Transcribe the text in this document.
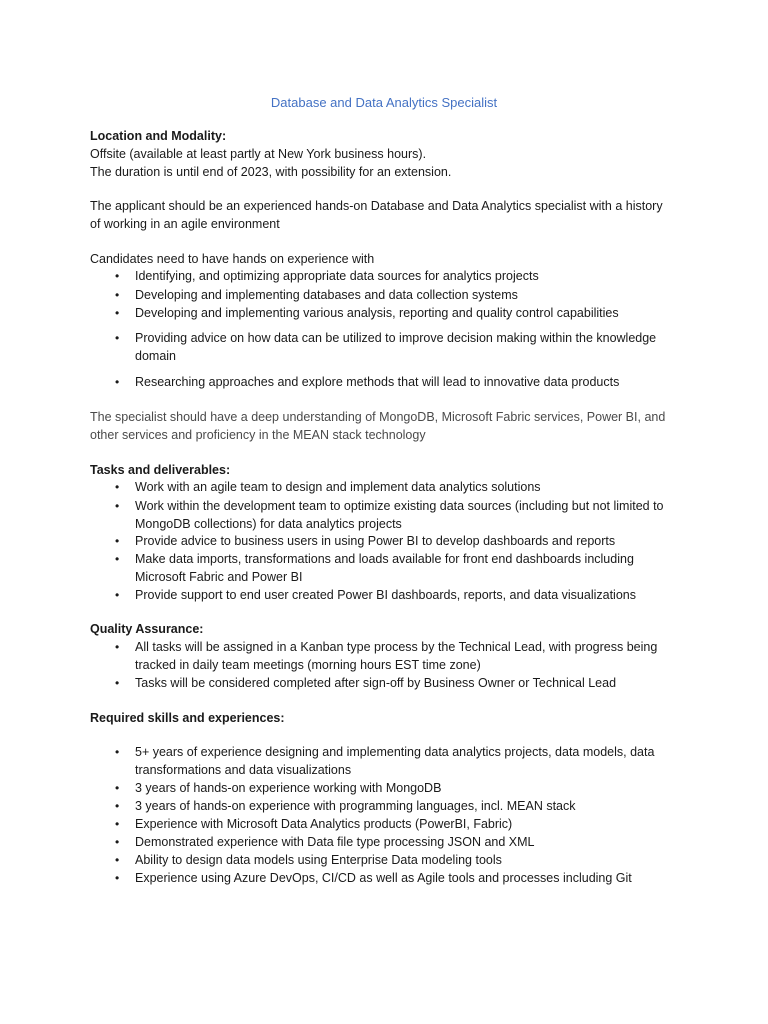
Database and Data Analytics Specialist
Location and Modality:
Offsite (available at least partly at New York business hours).
The duration is until end of 2023, with possibility for an extension.
The applicant should be an experienced hands-on Database and Data Analytics specialist with a history
of working in an agile environment
Candidates need to have hands on experience with
•	Identifying, and optimizing appropriate data sources for analytics projects
•	Developing and implementing databases and data collection systems
•	Developing and implementing various analysis, reporting and quality control capabilities
•	Providing advice on how data can be utilized to improve decision making within the knowledge domain
•	Researching approaches and explore methods that will lead to innovative data products
The specialist should have a deep understanding of MongoDB, Microsoft Fabric services, Power BI, and
other services and proficiency in the MEAN stack technology
Tasks and deliverables:
•	Work with an agile team to design and implement data analytics solutions
•	Work within the development team to optimize existing data sources (including but not limited to MongoDB collections) for data analytics projects
•	Provide advice to business users in using Power BI to develop dashboards and reports
•	Make data imports, transformations and loads available for front end dashboards including Microsoft Fabric and Power BI
•	Provide support to end user created Power BI dashboards, reports, and data visualizations
Quality Assurance:
•	All tasks will be assigned in a Kanban type process by the Technical Lead, with progress being tracked in daily team meetings (morning hours EST time zone)
•	Tasks will be considered completed after sign-off by Business Owner or Technical Lead
Required skills and experiences:
•	5+ years of experience designing and implementing data analytics projects, data models, data transformations and data visualizations
•	3 years of hands-on experience working with MongoDB
•	3 years of hands-on experience with programming languages, incl. MEAN stack
•	Experience with Microsoft Data Analytics products (PowerBI, Fabric)
•	Demonstrated experience with Data file type processing JSON and XML
•	Ability to design data models using Enterprise Data modeling tools
•	Experience using Azure DevOps, CI/CD as well as Agile tools and processes including Git
